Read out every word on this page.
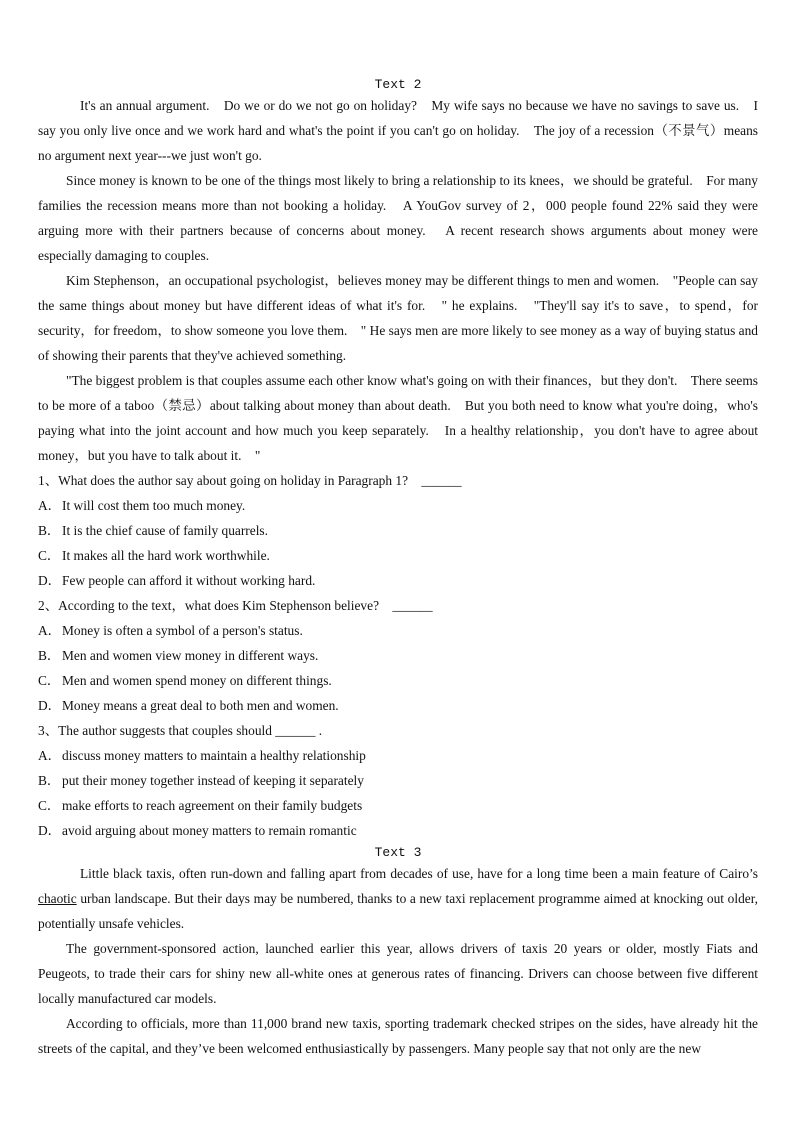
Text 2

It's an annual argument.　Do we or do we not go on holiday?　My wife says no because we have no savings to save us.　I say you only live once and we work hard and what's the point if you can't go on holiday.　The joy of a recession（不景气）means no argument next year---we just won't go.

Since money is known to be one of the things most likely to bring a relationship to its knees，we should be grateful.　For many families the recession means more than not booking a holiday.　A YouGov survey of 2，000 people found 22% said they were arguing more with their partners because of concerns about money.　A recent research shows arguments about money were especially damaging to couples.

Kim Stephenson，an occupational psychologist，believes money may be different things to men and women.　"People can say the same things about money but have different ideas of what it's for.　" he explains.　"They'll say it's to save，to spend，for security，for freedom，to show someone you love them.　" He says men are more likely to see money as a way of buying status and of showing their parents that they've achieved something.

"The biggest problem is that couples assume each other know what's going on with their finances，but they don't.　There seems to be more of a taboo（禁忌）about talking about money than about death.　But you both need to know what you're doing，who's paying what into the joint account and how much you keep separately.　In a healthy relationship，you don't have to agree about money，but you have to talk about it.　"

1、What does the author say about going on holiday in Paragraph 1?　______
A．It will cost them too much money.
B． It is the chief cause of family quarrels.
C． It makes all the hard work worthwhile.
D．Few people can afford it without working hard.
2、According to the text，what does Kim Stephenson believe?　______
A．Money is often a symbol of a person's status.
B． Men and women view money in different ways.
C． Men and women spend money on different things.
D．Money means a great deal to both men and women.
3、The author suggests that couples should ______ .
A．discuss money matters to maintain a healthy relationship
B． put their money together instead of keeping it separately
C． make efforts to reach agreement on their family budgets
D．avoid arguing about money matters to remain romantic
Text 3

Little black taxis, often run-down and falling apart from decades of use, have for a long time been a main feature of Cairo’s chaotic urban landscape. But their days may be numbered, thanks to a new taxi replacement programme aimed at knocking out older, potentially unsafe vehicles.

The government-sponsored action, launched earlier this year, allows drivers of taxis 20 years or older, mostly Fiats and Peugeots, to trade their cars for shiny new all-white ones at generous rates of financing. Drivers can choose between five different locally manufactured car models.

According to officials, more than 11,000 brand new taxis, sporting trademark checked stripes on the sides, have already hit the streets of the capital, and they’ve been welcomed enthusiastically by passengers. Many people say that not only are the new
